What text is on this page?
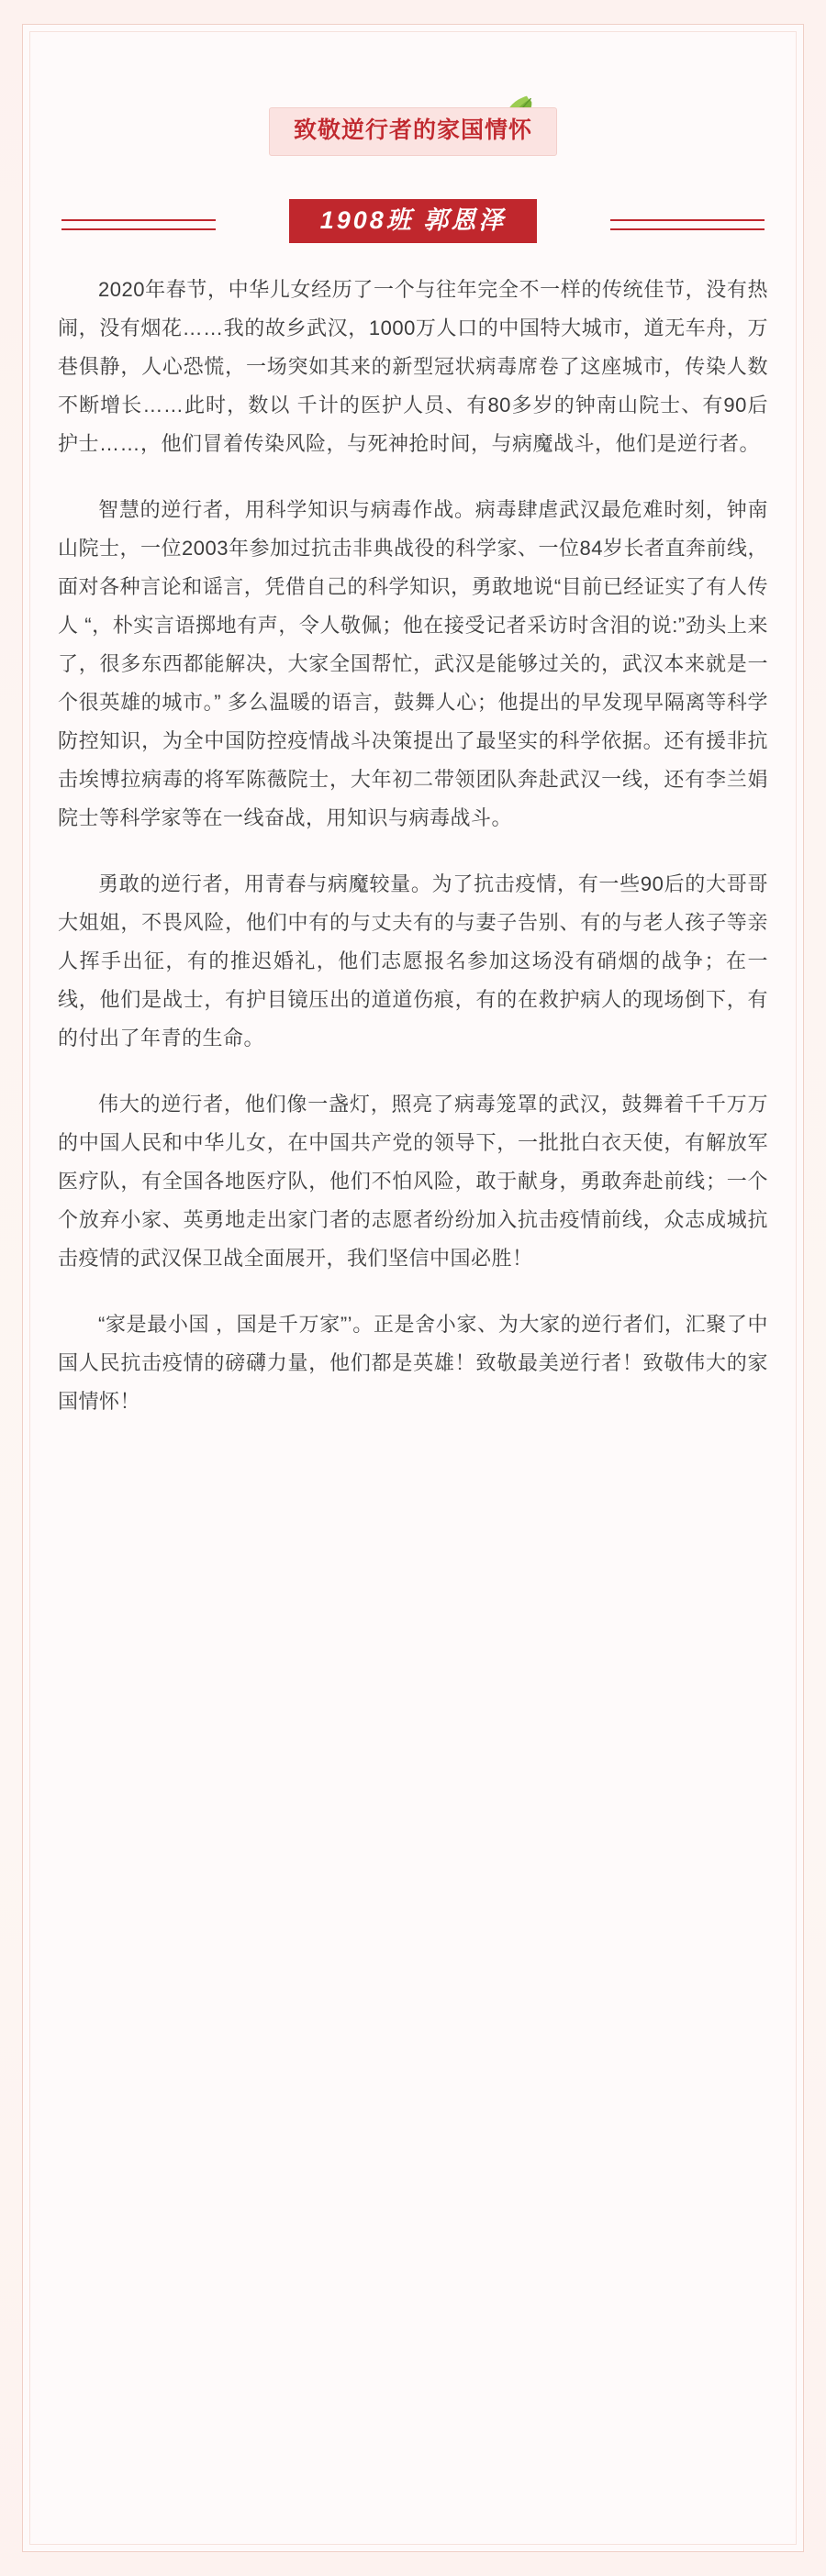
致敬逆行者的家国情怀
1908班 郭恩泽

2020年春节，中华儿女经历了一个与往年完全不一样的传统佳节，没有热闹，没有烟花……我的故乡武汉，1000万人口的中国特大城市，道无车舟，万巷俱静，人心恐慌，一场突如其来的新型冠状病毒席卷了这座城市，传染人数不断增长……此时，数以 千计的医护人员、有80多岁的钟南山院士、有90后护士……，他们冒着传染风险，与死神抢时间，与病魔战斗，他们是逆行者。

智慧的逆行者，用科学知识与病毒作战。病毒肆虐武汉最危难时刻，钟南山院士，一位2003年参加过抗击非典战役的科学家、一位84岁长者直奔前线，面对各种言论和谣言，凭借自己的科学知识，勇敢地说“目前已经证实了有人传人 “，朴实言语掷地有声，令人敬佩；他在接受记者采访时含泪的说:”劲头上来了，很多东西都能解决，大家全国帮忙，武汉是能够过关的，武汉本来就是一个很英雄的城市。” 多么温暖的语言，鼓舞人心；他提出的早发现早隔离等科学防控知识，为全中国防控疫情战斗决策提出了最坚实的科学依据。还有援非抗击埃博拉病毒的将军陈薇院士，大年初二带领团队奔赴武汉一线，还有李兰娟院士等科学家等在一线奋战，用知识与病毒战斗。

勇敢的逆行者，用青春与病魔较量。为了抗击疫情，有一些90后的大哥哥大姐姐，不畏风险，他们中有的与丈夫有的与妻子告别、有的与老人孩子等亲人挥手出征，有的推迟婚礼，他们志愿报名参加这场没有硝烟的战争；在一线，他们是战士，有护目镜压出的道道伤痕，有的在救护病人的现场倒下，有的付出了年青的生命。

伟大的逆行者，他们像一盏灯，照亮了病毒笼罩的武汉，鼓舞着千千万万的中国人民和中华儿女，在中国共产党的领导下，一批批白衣天使，有解放军医疗队，有全国各地医疗队，他们不怕风险，敢于献身，勇敢奔赴前线；一个个放弃小家、英勇地走出家门者的志愿者纷纷加入抗击疫情前线，众志成城抗击疫情的武汉保卫战全面展开，我们坚信中国必胜！

“家是最小国 ，国是千万家”’。正是舍小家、为大家的逆行者们，汇聚了中国人民抗击疫情的磅礴力量，他们都是英雄！致敬最美逆行者！致敬伟大的家国情怀！
